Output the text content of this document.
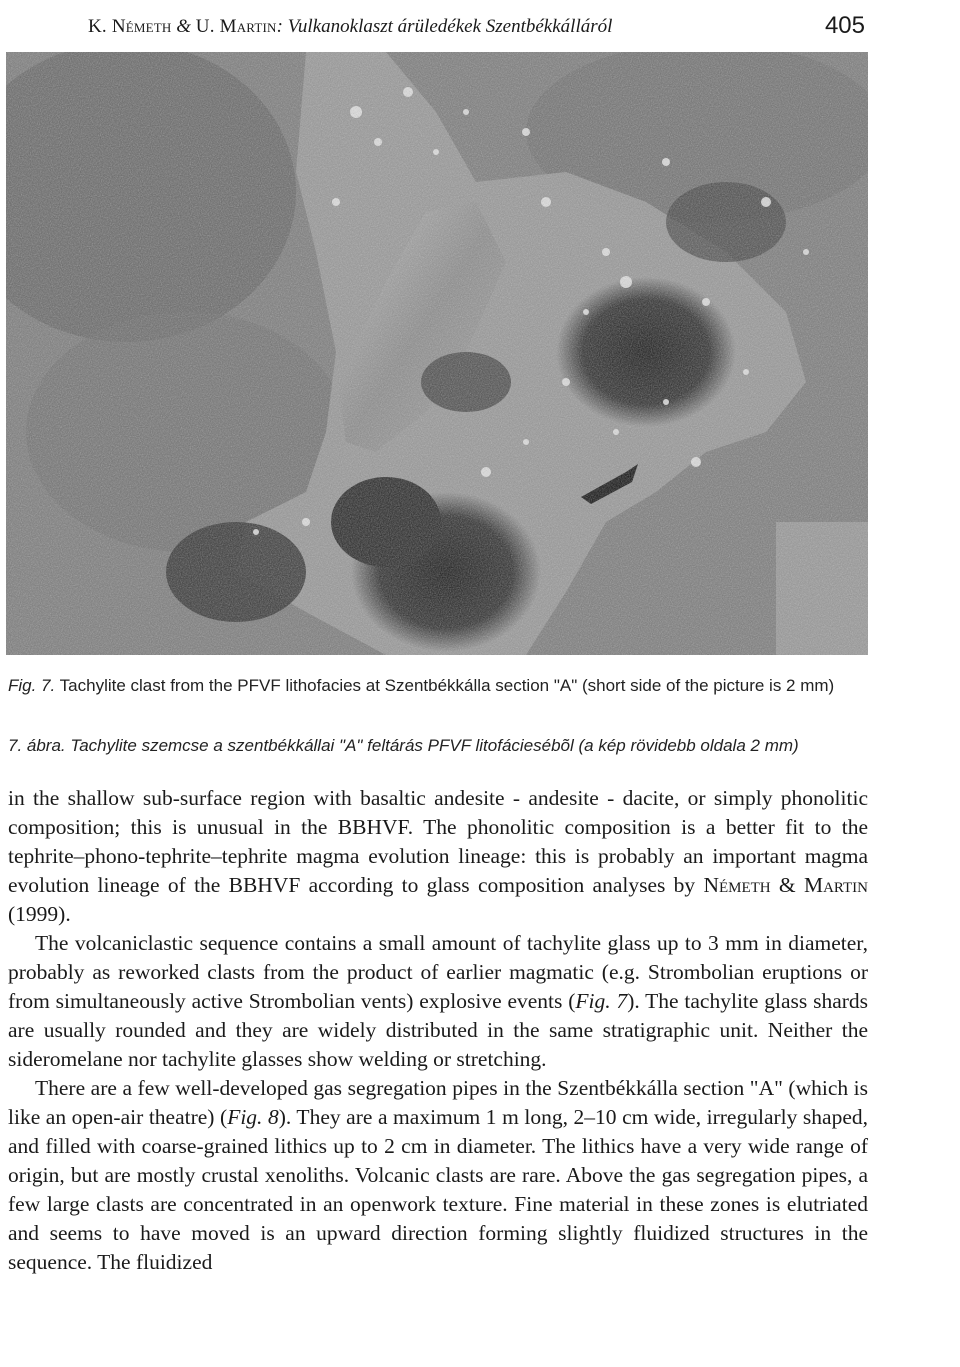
K. Németh & U. Martin: Vulkanoklaszt árüledékek Szentbékkálláról	405
Fig. 7. Tachylite clast from the PFVF lithofacies at Szentbékkálla section "A" (short side of the picture is 2 mm)
7. ábra. Tachylite szemcse a szentbékkállai "A" feltárás PFVF litofáciesébõl (a kép rövidebb oldala 2 mm)

in the shallow sub-surface region with basaltic andesite - andesite - dacite, or simply phonolitic composition; this is unusual in the BBHVF. The phonolitic composition is a better fit to the tephrite–phono-tephrite–tephrite magma evolution lineage: this is probably an important magma evolution lineage of the BBHVF according to glass composition analyses by Németh & Martin (1999).

The volcaniclastic sequence contains a small amount of tachylite glass up to 3 mm in diameter, probably as reworked clasts from the product of earlier magmatic (e.g. Strombolian eruptions or from simultaneously active Strombolian vents) explosive events (Fig. 7). The tachylite glass shards are usually rounded and they are widely distributed in the same stratigraphic unit. Neither the sideromelane nor tachylite glasses show welding or stretching.

There are a few well-developed gas segregation pipes in the Szentbékkálla section "A" (which is like an open-air theatre) (Fig. 8). They are a maximum 1 m long, 2–10 cm wide, irregularly shaped, and filled with coarse-grained lithics up to 2 cm in diameter. The lithics have a very wide range of origin, but are mostly crustal xenoliths. Volcanic clasts are rare. Above the gas segregation pipes, a few large clasts are concentrated in an openwork texture. Fine material in these zones is elutriated and seems to have moved is an upward direction forming slightly fluidized structures in the sequence. The fluidized
